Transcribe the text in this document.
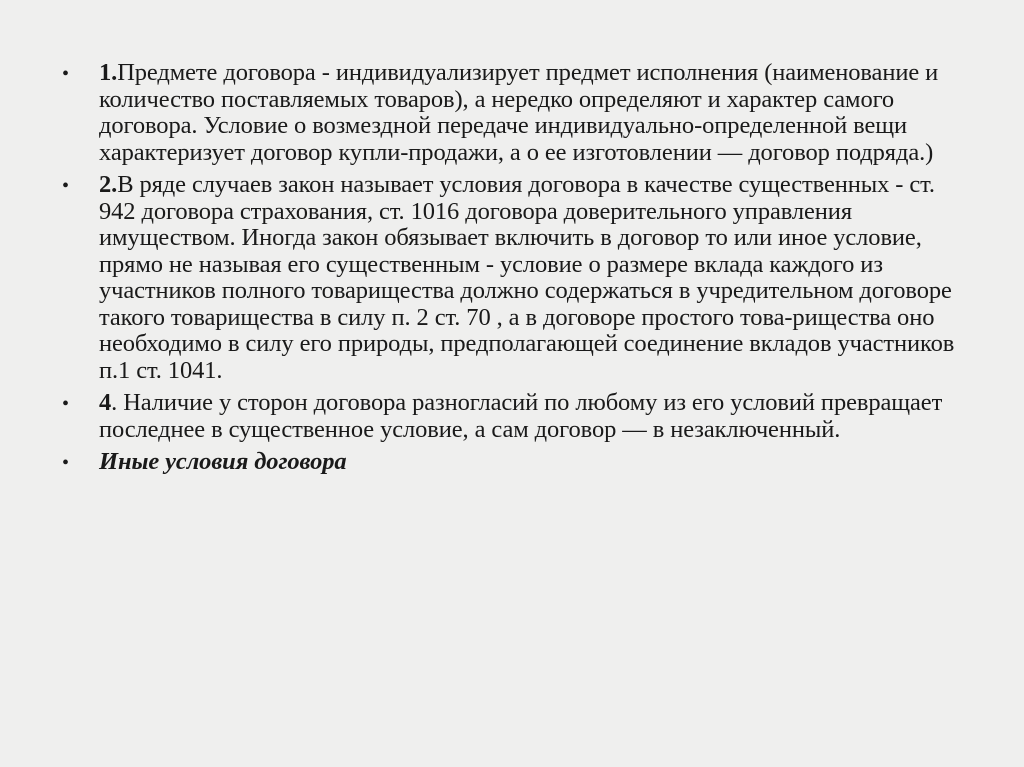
•	1.Предмете договора - индивидуализирует предмет исполнения (наименование и количество поставляемых товаров), а нередко определяют и характер самого договора. Условие о возмездной передаче индивидуально-определенной вещи характеризует договор купли-продажи, а о ее изготовлении — договор подряда.)
•	2.В ряде случаев закон называет условия договора в качестве существенных - ст. 942 договора страхования, ст. 1016 договора доверительного управления имуществом. Иногда закон обязывает включить в договор то или иное условие, прямо не называя его существенным - условие о размере вклада каждого из участников полного товарищества должно содержаться в учредительном договоре такого товарищества в силу п. 2 ст. 70 , а в договоре простого това-рищества оно необходимо в силу его природы, предполагающей соединение вкладов участников п.1 ст. 1041.
•	4. Наличие у сторон договора разногласий по любому из его условий превращает последнее в существенное условие, а сам договор — в незаключенный.
•	Иные условия договора
